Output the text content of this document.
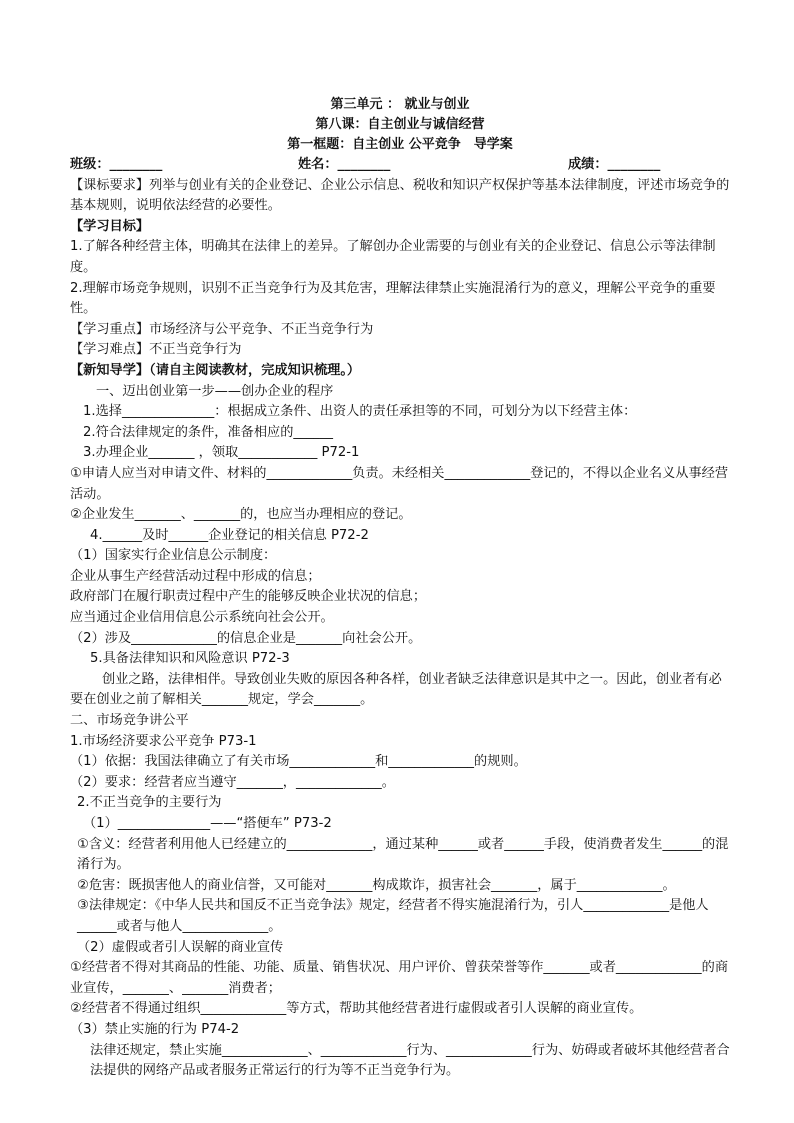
第三单元 ： 就业与创业
第八课：自主创业与诚信经营
第一框题：自主创业 公平竞争　导学案
班级：________	姓名：________	成绩：________
【课标要求】列举与创业有关的企业登记、企业公示信息、税收和知识产权保护等基本法律制度，评述市场竞争的基本规则，说明依法经营的必要性。
【学习目标】
1.了解各种经营主体，明确其在法律上的差异。了解创办企业需要的与创业有关的企业登记、信息公示等法律制度。
2.理解市场竞争规则，识别不正当竞争行为及其危害，理解法律禁止实施混淆行为的意义，理解公平竞争的重要性。
【学习重点】市场经济与公平竞争、不正当竞争行为
【学习难点】不正当竞争行为
【新知导学】（请自主阅读教材，完成知识梳理。）
一、迈出创业第一步——创办企业的程序
1.选择______________：根据成立条件、出资人的责任承担等的不同，可划分为以下经营主体：
2.符合法律规定的条件，准备相应的______
3.办理企业_______ ，领取____________ P72-1
①申请人应当对申请文件、材料的_____________负责。未经相关_____________登记的，不得以企业名义从事经营活动。
②企业发生_______、_______的，也应当办理相应的登记。
4.______及时______企业登记的相关信息 P72-2
（1）国家实行企业信息公示制度：
企业从事生产经营活动过程中形成的信息；
政府部门在履行职责过程中产生的能够反映企业状况的信息；
应当通过企业信用信息公示系统向社会公开。
（2）涉及_____________的信息企业是_______向社会公开。
5.具备法律知识和风险意识 P72-3
创业之路，法律相伴。导致创业失败的原因各种各样，创业者缺乏法律意识是其中之一。因此，创业者有必要在创业之前了解相关_______规定，学会_______。
二、市场竞争讲公平
1.市场经济要求公平竞争 P73-1
（1）依据：我国法律确立了有关市场_____________和_____________的规则。
（2）要求：经营者应当遵守_______，_____________。
2.不正当竞争的主要行为
（1）______________——“搭便车” P73-2
①含义：经营者利用他人已经建立的_____________，通过某种______或者______手段，使消费者发生______的混淆行为。
②危害：既损害他人的商业信誉，又可能对_______构成欺诈，损害社会_______，属于_____________。
③法律规定：《中华人民共和国反不正当竞争法》规定，经营者不得实施混淆行为，引人_____________是他人______或者与他人_____________。
（2）虚假或者引人误解的商业宣传
①经营者不得对其商品的性能、功能、质量、销售状况、用户评价、曾获荣誉等作_______或者_____________的商业宣传，_______、_______消费者；
②经营者不得通过组织_____________等方式，帮助其他经营者进行虚假或者引人误解的商业宣传。
（3）禁止实施的行为 P74-2
法律还规定，禁止实施_____________、_____________行为、_____________行为、妨碍或者破坏其他经营者合法提供的网络产品或者服务正常运行的行为等不正当竞争行为。
